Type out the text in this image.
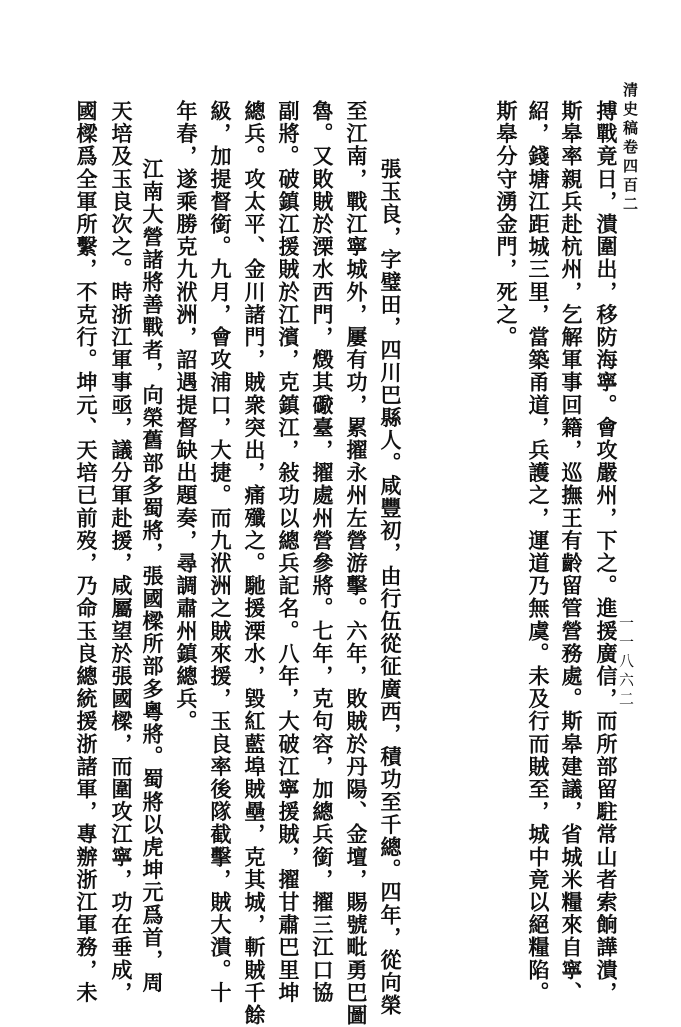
清史稿卷四百二
一一八六二
搏戰竟日，潰圍出，移防海寧。會攻嚴州，下之。進援廣信，而所部留駐常山者索餉譁潰，
斯皋率親兵赴杭州，乞解軍事回籍，巡撫王有齡留管營務處。斯皋建議，省城米糧來自寧、
紹，錢塘江距城三里，當築甬道，兵護之，運道乃無虞。未及行而賊至，城中竟以絕糧陷。
斯皋分守湧金門，死之。
張玉良，字璧田，四川巴縣人。咸豐初，由行伍從征廣西，積功至千總。四年，從向榮
至江南，戰江寧城外，屢有功，累擢永州左營游擊。六年，敗賊於丹陽、金壇，賜號毗勇巴圖
魯。又敗賊於溧水西門，燬其礮臺，擢處州營參將。七年，克句容，加總兵銜，擢三江口協
副將。破鎮江援賊於江濱，克鎮江，敍功以總兵記名。八年，大破江寧援賊，擢甘肅巴里坤
總兵。攻太平、金川諸門，賊衆突出，痛殲之。馳援溧水，毀紅藍埠賊壘，克其城，斬賊千餘
級，加提督銜。九月，會攻浦口，大捷。而九洑洲之賊來援，玉良率後隊截擊，賊大潰。十
年春，遂乘勝克九洑洲，詔遇提督缺出題奏，尋調肅州鎮總兵。
江南大營諸將善戰者，向榮舊部多蜀將，張國樑所部多粵將。蜀將以虎坤元爲首，周
天培及玉良次之。時浙江軍事亟，議分軍赴援，咸屬望於張國樑，而圍攻江寧，功在垂成，
國樑爲全軍所繫，不克行。坤元、天培已前歿，乃命玉良總統援浙諸軍，專辦浙江軍務，未
